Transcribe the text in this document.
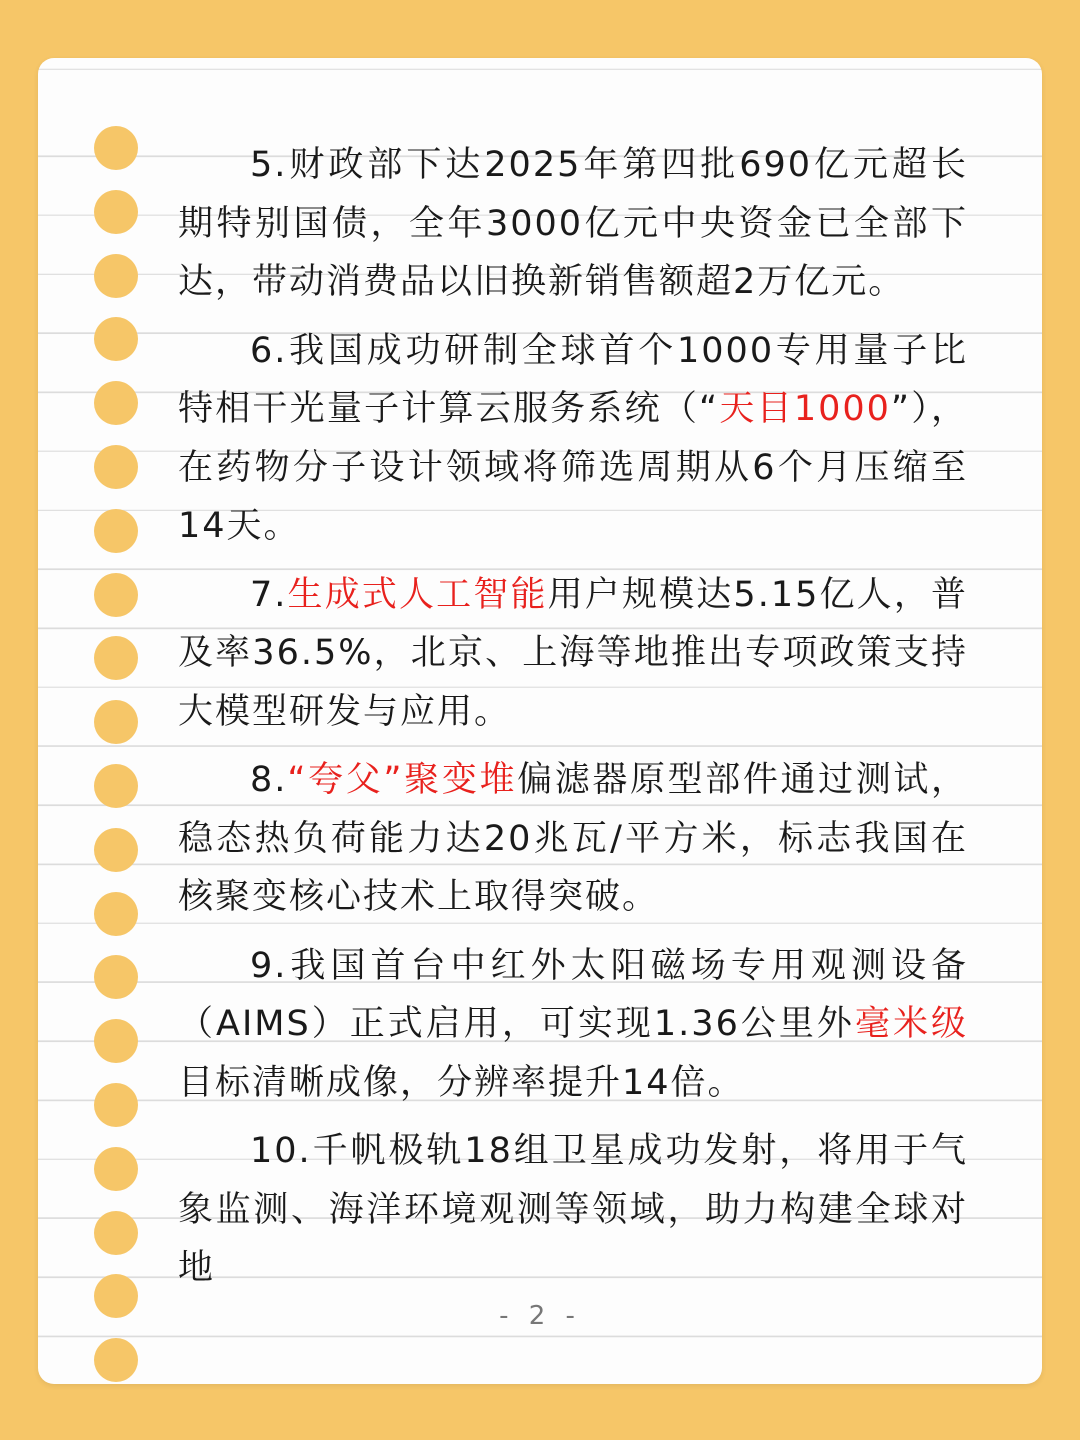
5.财政部下达2025年第四批690亿元超长期特别国债，全年3000亿元中央资金已全部下达，带动消费品以旧换新销售额超2万亿元。

6.我国成功研制全球首个1000专用量子比特相干光量子计算云服务系统（“天目1000”），在药物分子设计领域将筛选周期从6个月压缩至14天。

7.生成式人工智能用户规模达5.15亿人，普及率36.5%，北京、上海等地推出专项政策支持大模型研发与应用。

8.“夸父”聚变堆偏滤器原型部件通过测试，稳态热负荷能力达20兆瓦/平方米，标志我国在核聚变核心技术上取得突破。

9.我国首台中红外太阳磁场专用观测设备（AIMS）正式启用，可实现1.36公里外毫米级目标清晰成像，分辨率提升14倍。

10.千帆极轨18组卫星成功发射，将用于气象监测、海洋环境观测等领域，助力构建全球对地

- 2 -
